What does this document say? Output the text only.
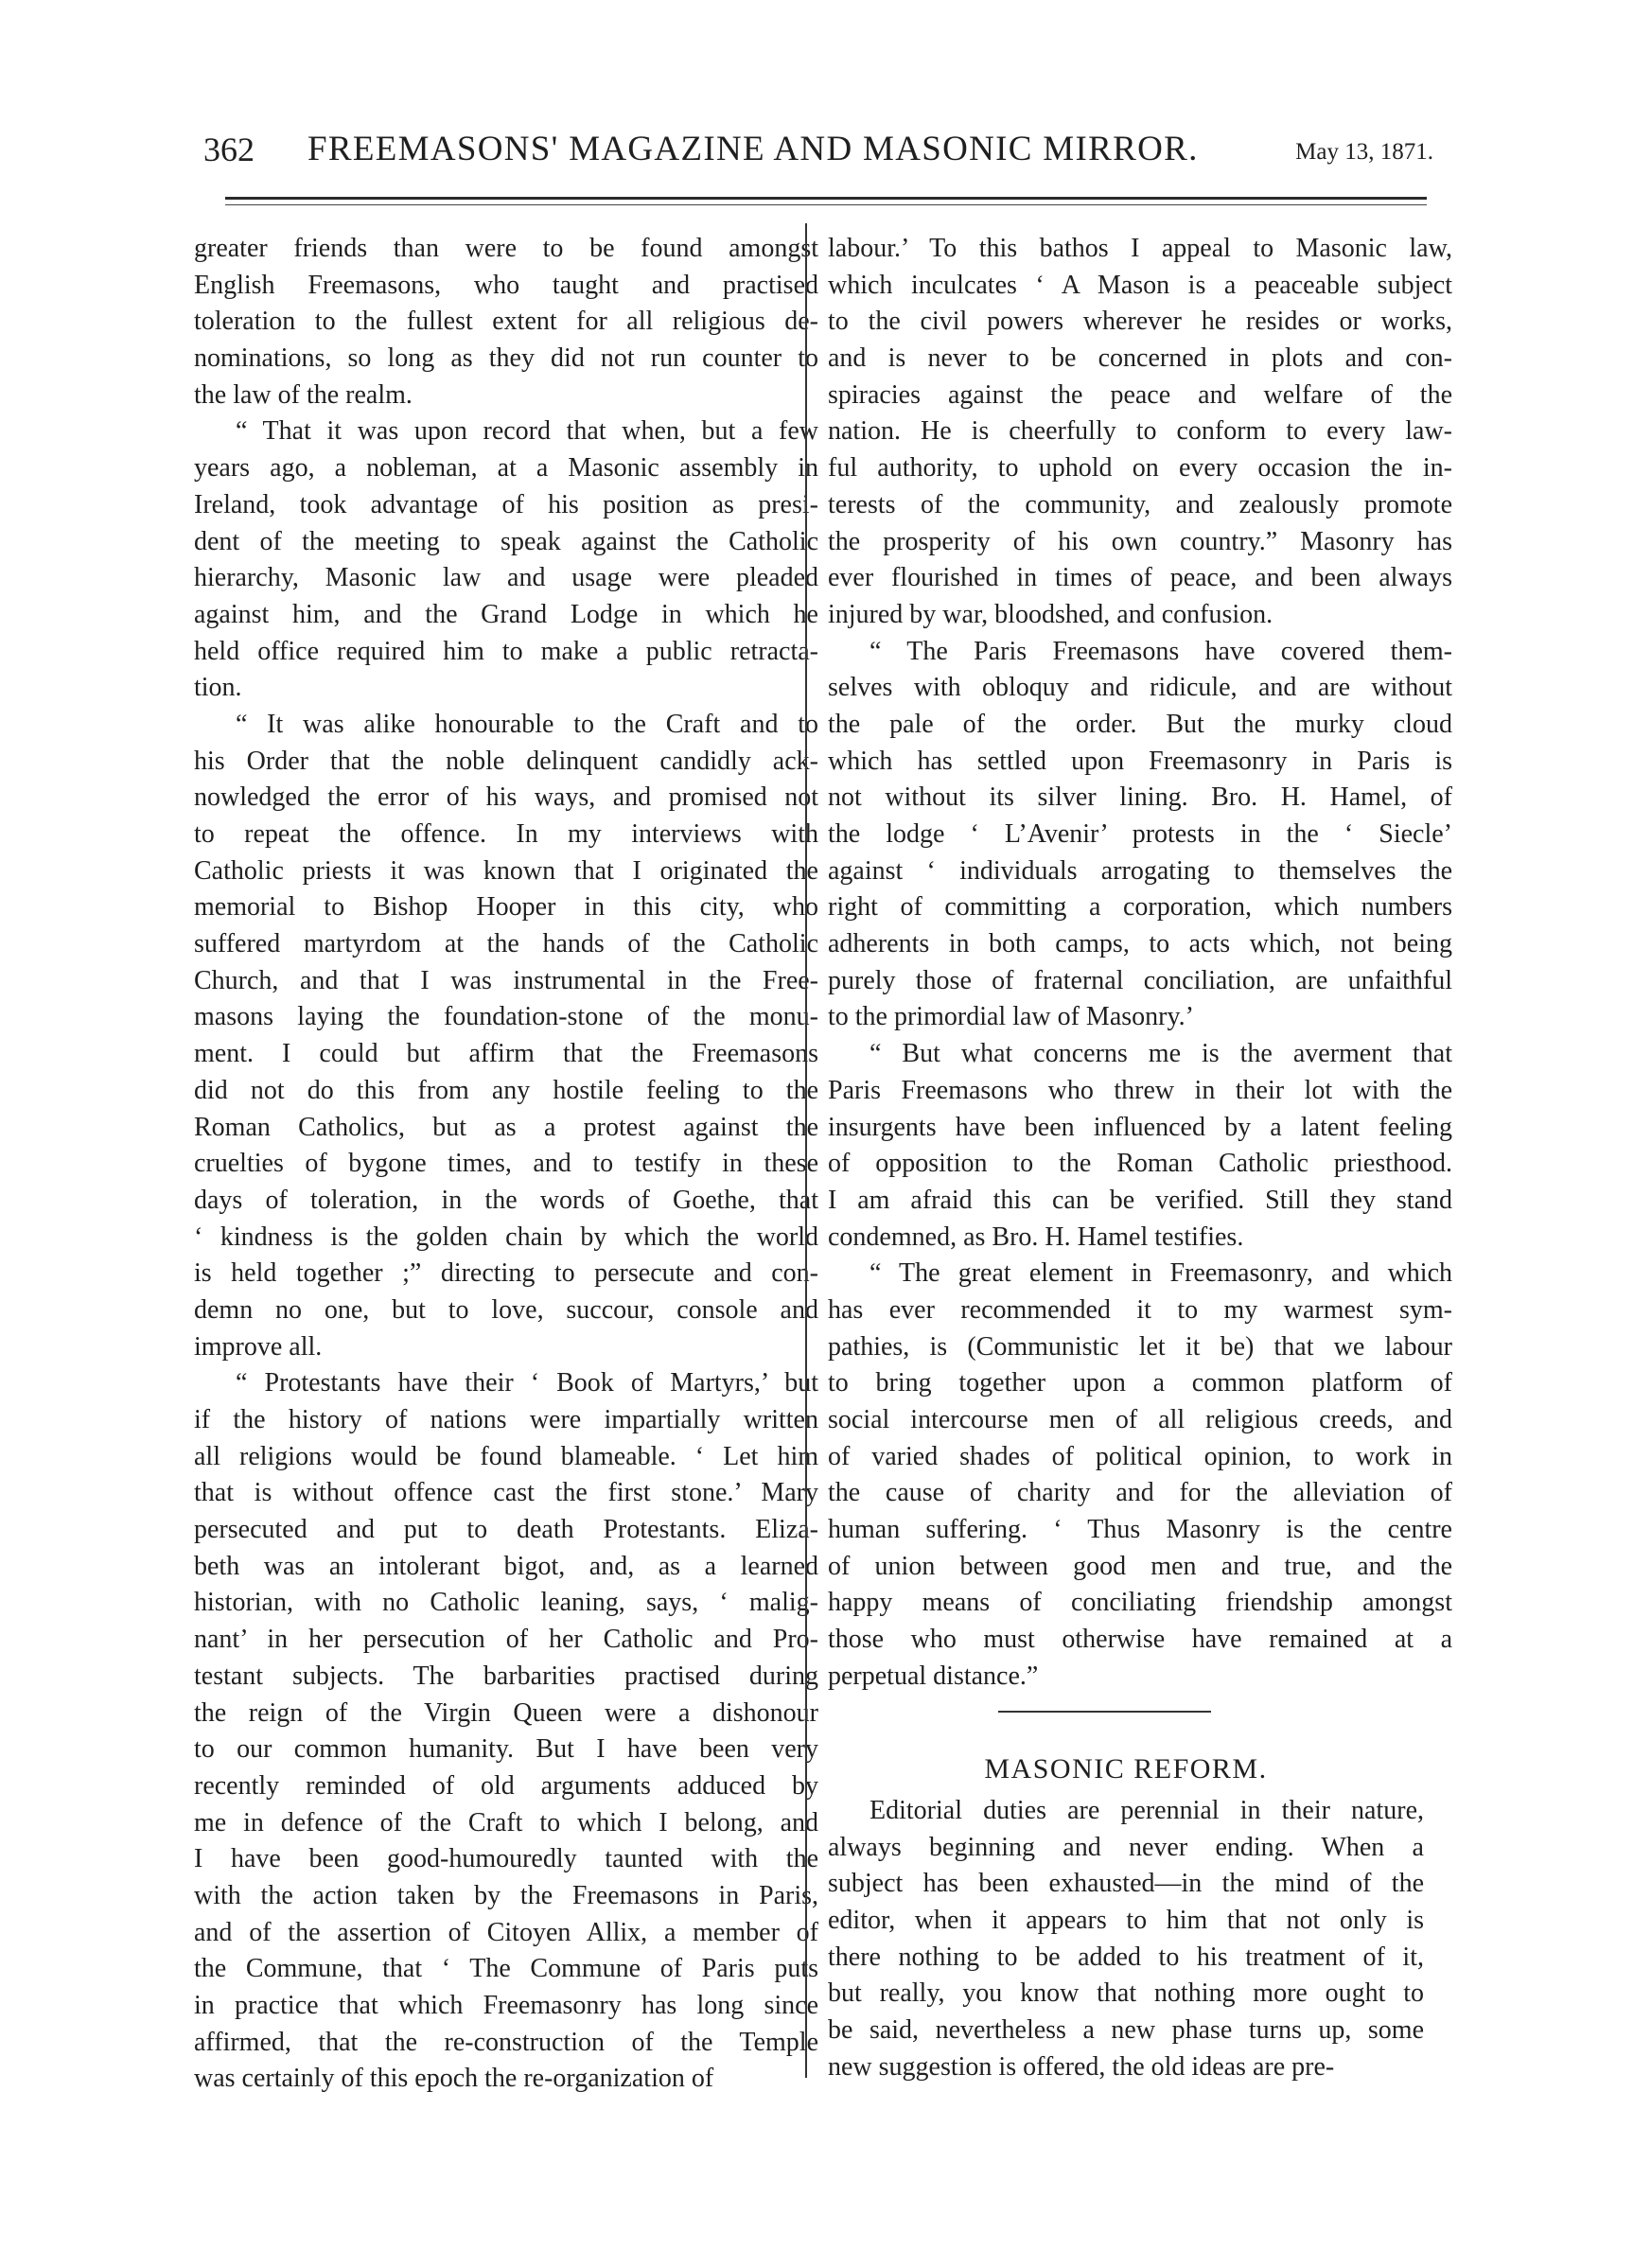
362 FREEMASONS' MAGAZINE AND MASONIC MIRROR.	May 13, 1871.
greater friends than were to be found amongst
English Freemasons, who taught and practised
toleration to the fullest extent for all religious de-
nominations, so long as they did not run counter to
the law of the realm.
“ That it was upon record that when, but a few
years ago, a nobleman, at a Masonic assembly in
Ireland, took advantage of his position as presi-
dent of the meeting to speak against the Catholic
hierarchy, Masonic law and usage were pleaded
against him, and the Grand Lodge in which he
held office required him to make a public retracta-
tion.
“ It was alike honourable to the Craft and to
his Order that the noble delinquent candidly ack-
nowledged the error of his ways, and promised not
to repeat the offence. In my interviews with
Catholic priests it was known that I originated the
memorial to Bishop Hooper in this city, who
suffered martyrdom at the hands of the Catholic
Church, and that I was instrumental in the Free-
masons laying the foundation-stone of the monu-
ment. I could but affirm that the Freemasons
did not do this from any hostile feeling to the
Roman Catholics, but as a protest against the
cruelties of bygone times, and to testify in these
days of toleration, in the words of Goethe, that
‘ kindness is the golden chain by which the world
is held together ;” directing to persecute and con-
demn no one, but to love, succour, console and
improve all.
“ Protestants have their ‘ Book of Martyrs,’ but
if the history of nations were impartially written
all religions would be found blameable. ‘ Let him
that is without offence cast the first stone.’ Mary
persecuted and put to death Protestants. Eliza-
beth was an intolerant bigot, and, as a learned
historian, with no Catholic leaning, says, ‘ malig-
nant’ in her persecution of her Catholic and Pro-
testant subjects. The barbarities practised during
the reign of the Virgin Queen were a dishonour
to our common humanity. But I have been very
recently reminded of old arguments adduced by
me in defence of the Craft to which I belong, and
I have been good-humouredly taunted with the
with the action taken by the Freemasons in Paris,
and of the assertion of Citoyen Allix, a member of
the Commune, that ‘ The Commune of Paris puts
in practice that which Freemasonry has long since
affirmed, that the re-construction of the Temple
was certainly of this epoch the re-organization of
labour.’ To this bathos I appeal to Masonic law,
which inculcates ‘ A Mason is a peaceable subject
to the civil powers wherever he resides or works,
and is never to be concerned in plots and con-
spiracies against the peace and welfare of the
nation. He is cheerfully to conform to every law-
ful authority, to uphold on every occasion the in-
terests of the community, and zealously promote
the prosperity of his own country.” Masonry has
ever flourished in times of peace, and been always
injured by war, bloodshed, and confusion.
“ The Paris Freemasons have covered them-
selves with obloquy and ridicule, and are without
the pale of the order. But the murky cloud
which has settled upon Freemasonry in Paris is
not without its silver lining. Bro. H. Hamel, of
the lodge ‘ L’Avenir’ protests in the ‘ Siecle’
against ‘ individuals arrogating to themselves the
right of committing a corporation, which numbers
adherents in both camps, to acts which, not being
purely those of fraternal conciliation, are unfaithful
to the primordial law of Masonry.’
“ But what concerns me is the averment that
Paris Freemasons who threw in their lot with the
insurgents have been influenced by a latent feeling
of opposition to the Roman Catholic priesthood.
I am afraid this can be verified. Still they stand
condemned, as Bro. H. Hamel testifies.
“ The great element in Freemasonry, and which
has ever recommended it to my warmest sym-
pathies, is (Communistic let it be) that we labour
to bring together upon a common platform of
social intercourse men of all religious creeds, and
of varied shades of political opinion, to work in
the cause of charity and for the alleviation of
human suffering. ‘ Thus Masonry is the centre
of union between good men and true, and the
happy means of conciliating friendship amongst
those who must otherwise have remained at a
perpetual distance.”
MASONIC REFORM.
Editorial duties are perennial in their nature,
always beginning and never ending. When a
subject has been exhausted—in the mind of the
editor, when it appears to him that not only is
there nothing to be added to his treatment of it,
but really, you know that nothing more ought to
be said, nevertheless a new phase turns up, some
new suggestion is offered, the old ideas are pre-
